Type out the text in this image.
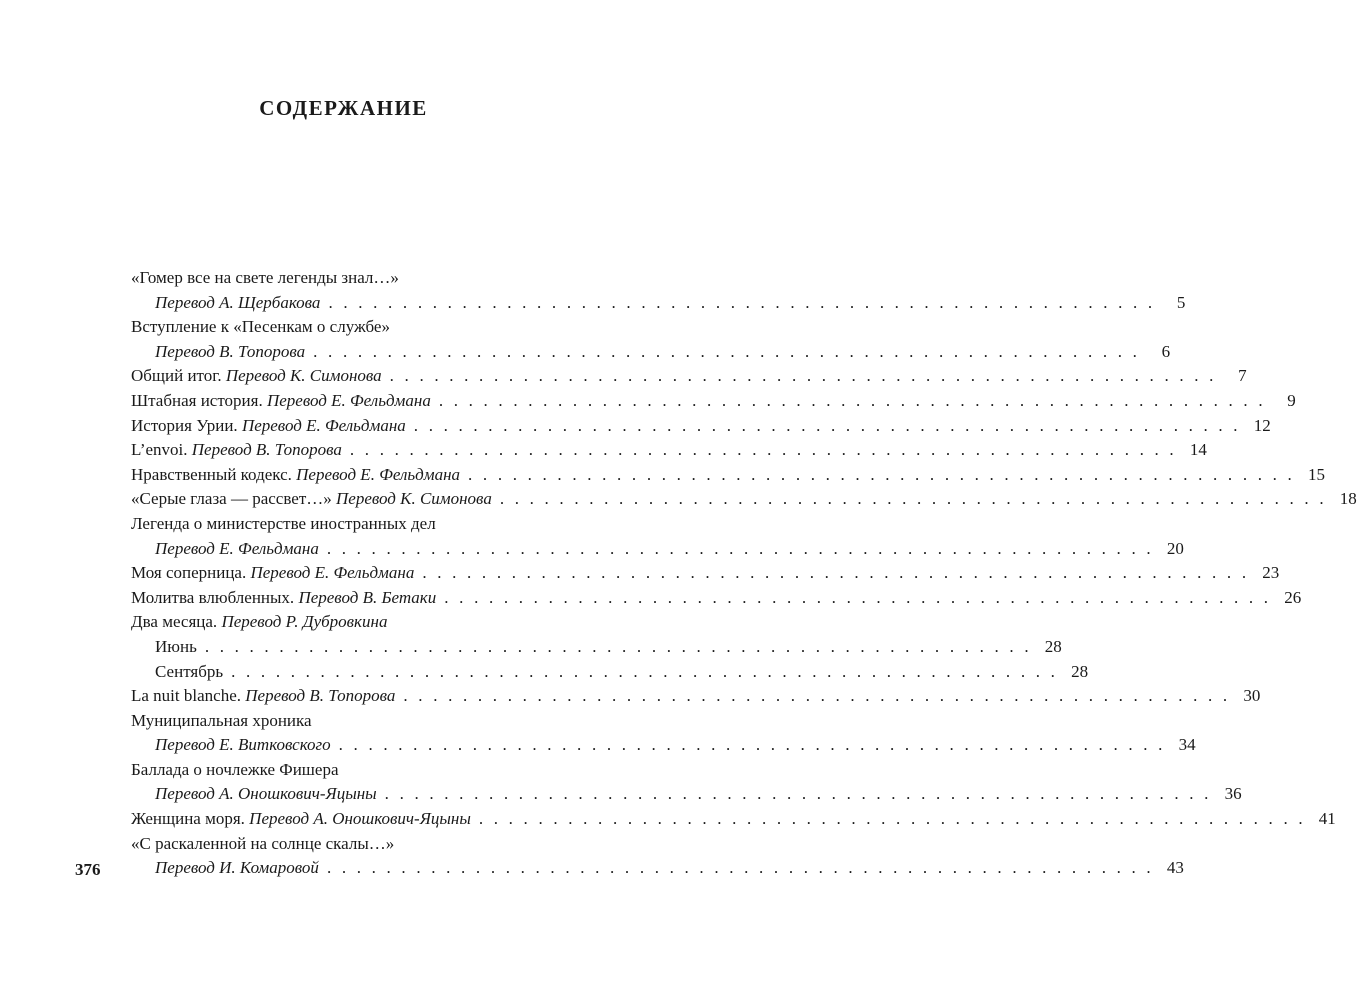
СОДЕРЖАНИЕ
«Гомер все на свете легенды знал…»
Перевод А. Щербакова . . . . . . . . . . . . . . . . . . . . . . . . . . . . . . . . . . . . . . . . . . . . . . . . . . . . . . . .	5
Вступление к «Песенкам о службе»
Перевод В. Топорова . . . . . . . . . . . . . . . . . . . . . . . . . . . . . . . . . . . . . . . . . . . . . . . . . . . . . . . .	6
Общий итог. Перевод К. Симонова . . . . . . . . . . . . . . . . . . . . . . . . . . . . . . . . . . . . . . . . . . . . . . . . . . . . . . . .	7
Штабная история. Перевод Е. Фельдмана . . . . . . . . . . . . . . . . . . . . . . . . . . . . . . . . . . . . . . . . . . . . . . . . . . . . . . . .	9
История Урии. Перевод Е. Фельдмана . . . . . . . . . . . . . . . . . . . . . . . . . . . . . . . . . . . . . . . . . . . . . . . . . . . . . . . . 12
L’envoi. Перевод В. Топорова . . . . . . . . . . . . . . . . . . . . . . . . . . . . . . . . . . . . . . . . . . . . . . . . . . . . . . . . 14
Нравственный кодекс. Перевод Е. Фельдмана . . . . . . . . . . . . . . . . . . . . . . . . . . . . . . . . . . . . . . . . . . . . . . . . . . . . . . . . 15
«Серые глаза — рассвет…» Перевод К. Симонова . . . . . . . . . . . . . . . . . . . . . . . . . . . . . . . . . . . . . . . . . . . . . . . . . . . . . . . . 18
Легенда о министерстве иностранных дел
Перевод Е. Фельдмана . . . . . . . . . . . . . . . . . . . . . . . . . . . . . . . . . . . . . . . . . . . . . . . . . . . . . . . . 20
Моя соперница. Перевод Е. Фельдмана . . . . . . . . . . . . . . . . . . . . . . . . . . . . . . . . . . . . . . . . . . . . . . . . . . . . . . . . 23
Молитва влюбленных. Перевод В. Бетаки . . . . . . . . . . . . . . . . . . . . . . . . . . . . . . . . . . . . . . . . . . . . . . . . . . . . . . . . 26
Два месяца. Перевод Р. Дубровкина
Июнь . . . . . . . . . . . . . . . . . . . . . . . . . . . . . . . . . . . . . . . . . . . . . . . . . . . . . . . . 28
Сентябрь . . . . . . . . . . . . . . . . . . . . . . . . . . . . . . . . . . . . . . . . . . . . . . . . . . . . . . . . 28
La nuit blanche. Перевод В. Топорова . . . . . . . . . . . . . . . . . . . . . . . . . . . . . . . . . . . . . . . . . . . . . . . . . . . . . . . . 30
Муниципальная хроника
Перевод Е. Витковского . . . . . . . . . . . . . . . . . . . . . . . . . . . . . . . . . . . . . . . . . . . . . . . . . . . . . . . . 34
Баллада о ночлежке Фишера
Перевод А. Оношкович-Яцыны . . . . . . . . . . . . . . . . . . . . . . . . . . . . . . . . . . . . . . . . . . . . . . . . . . . . . . . . 36
Женщина моря. Перевод А. Оношкович-Яцыны . . . . . . . . . . . . . . . . . . . . . . . . . . . . . . . . . . . . . . . . . . . . . . . . . . . . . . . . 41
«С раскаленной на солнце скалы…»
Перевод И. Комаровой . . . . . . . . . . . . . . . . . . . . . . . . . . . . . . . . . . . . . . . . . . . . . . . . . . . . . . . . 43
376
